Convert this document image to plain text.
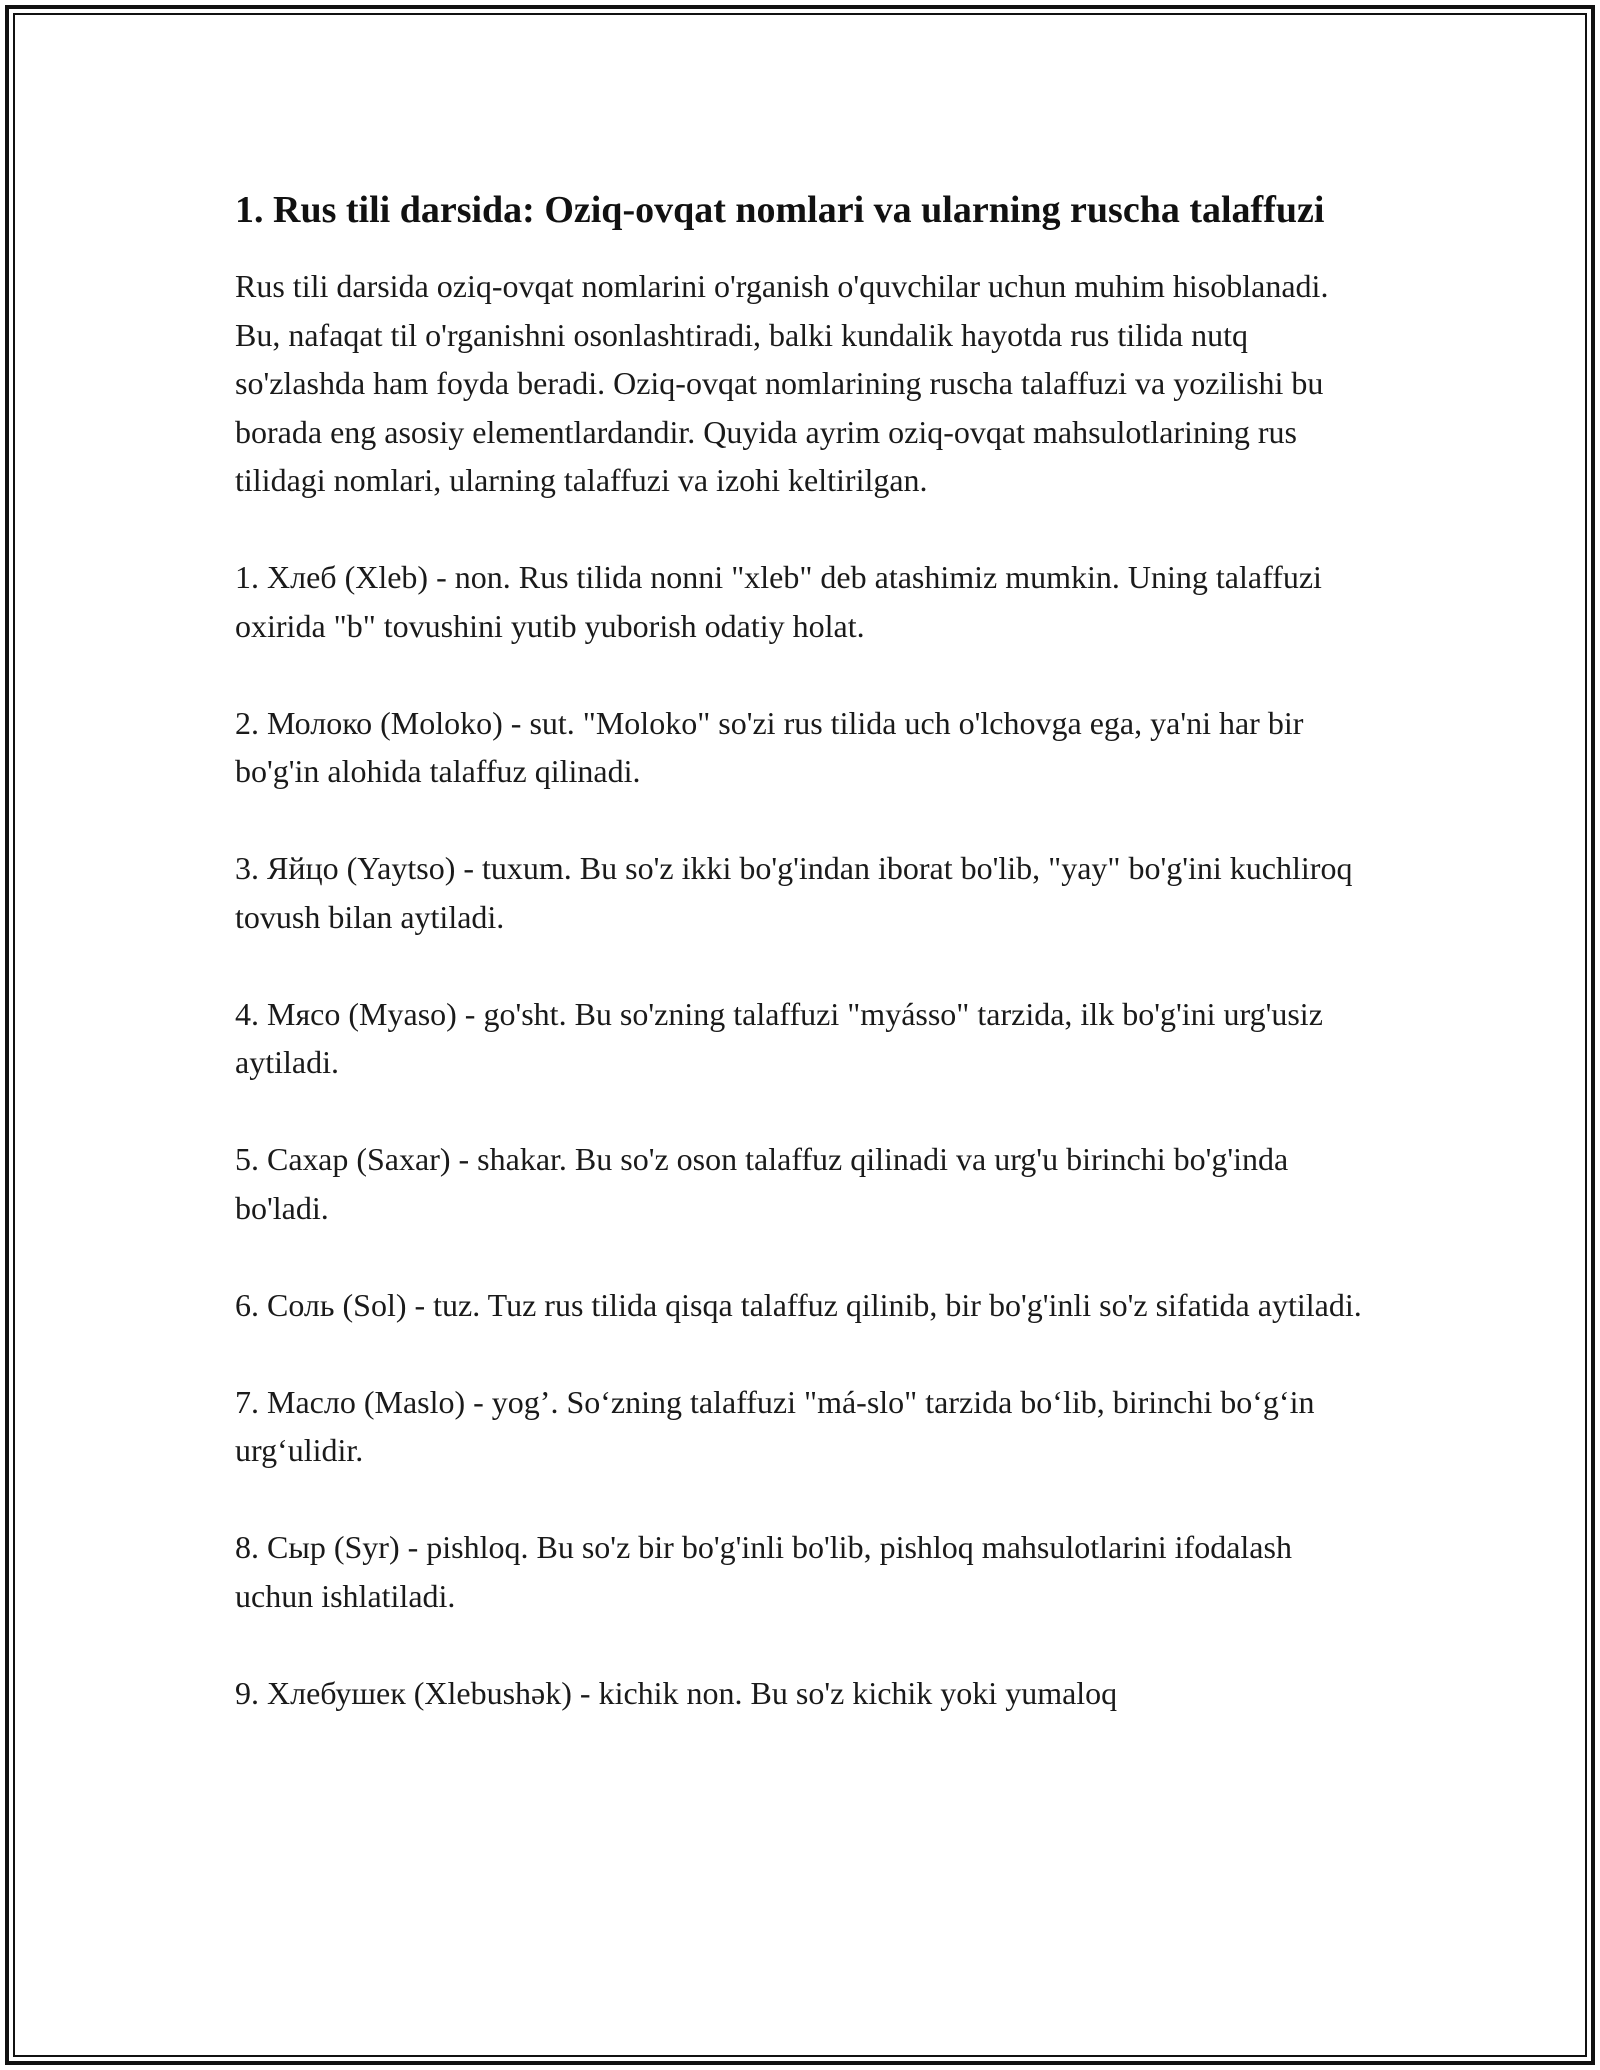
1. Rus tili darsida: Oziq-ovqat nomlari va ularning ruscha talaffuzi

Rus tili darsida oziq-ovqat nomlarini o'rganish o'quvchilar uchun muhim hisoblanadi. Bu, nafaqat til o'rganishni osonlashtiradi, balki kundalik hayotda rus tilida nutq so'zlashda ham foyda beradi. Oziq-ovqat nomlarining ruscha talaffuzi va yozilishi bu borada eng asosiy elementlardandir. Quyida ayrim oziq-ovqat mahsulotlarining rus tilidagi nomlari, ularning talaffuzi va izohi keltirilgan.

1. Хлеб (Xleb) - non. Rus tilida nonni "xleb" deb atashimiz mumkin. Uning talaffuzi oxirida "b" tovushini yutib yuborish odatiy holat.

2. Молоко (Moloko) - sut. "Moloko" so'zi rus tilida uch o'lchovga ega, ya'ni har bir bo'g'in alohida talaffuz qilinadi.

3. Яйцо (Yaytso) - tuxum. Bu so'z ikki bo'g'indan iborat bo'lib, "yay" bo'g'ini kuchliroq tovush bilan aytiladi.

4. Мясо (Myaso) - go'sht. Bu so'zning talaffuzi "myásso" tarzida, ilk bo'g'ini urg'usiz aytiladi.

5. Сахар (Saxar) - shakar. Bu so'z oson talaffuz qilinadi va urg'u birinchi bo'g'inda bo'ladi.

6. Соль (Sol) - tuz. Tuz rus tilida qisqa talaffuz qilinib, bir bo'g'inli so'z sifatida aytiladi.

7. Масло (Maslo) - yog’. So‘zning talaffuzi "má-slo" tarzida bo‘lib, birinchi bo‘g‘in urg‘ulidir.

8. Сыр (Syr) - pishloq. Bu so'z bir bo'g'inli bo'lib, pishloq mahsulotlarini ifodalash uchun ishlatiladi.

9. Хлебушек (Xlebushək) - kichik non. Bu so'z kichik yoki yumaloq
